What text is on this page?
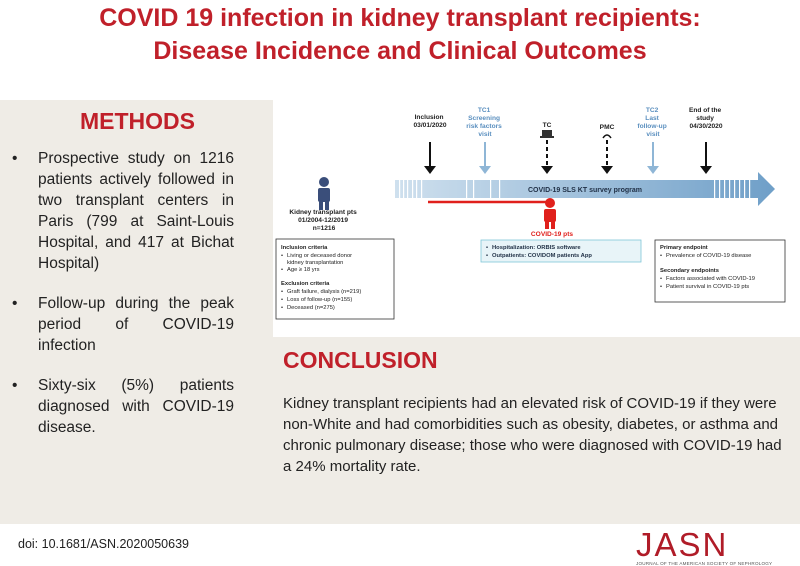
COVID 19 infection in kidney transplant recipients:
Disease Incidence and Clinical Outcomes
METHODS
• Prospective study on 1216 patients actively followed in two transplant centers in Paris (799 at Saint-Louis Hospital, and 417 at Bichat Hospital)
• Follow-up during the peak period of COVID-19 infection
• Sixty-six (5%) patients diagnosed with COVID-19 disease.
Inclusion 03/01/2020
TC1 Screening risk factors visit
TC	PMC
TC2 Last follow-up visit
End of the study 04/30/2020
COVID-19 SLS KT survey program
Kidney transplant pts 01/2004-12/2019 n=1216
COVID-19 pts
Inclusion criteria
• Living or deceased donor
kidney transplantation
• Age ≥ 18 yrs
Exclusion criteria
• Graft failure, dialysis (n=219)
• Loss of follow-up (n=155)
• Deceased (n=275)
• Hospitalization: ORBIS software
• Outpatients: COVIDOM patients App
Primary endpoint
• Prevalence of COVID-19 disease
Secondary endpoints
• Factors associated with COVID-19
• Patient survival in COVID-19 pts
CONCLUSION
Kidney transplant recipients had an elevated risk of COVID-19 if they were non-White and had comorbidities such as obesity, diabetes, or asthma and chronic pulmonary disease; those who were diagnosed with COVID-19 had a 24% mortality rate.
doi: 10.1681/ASN.2020050639	JASN
JOURNAL OF THE AMERICAN SOCIETY OF NEPHROLOGY
